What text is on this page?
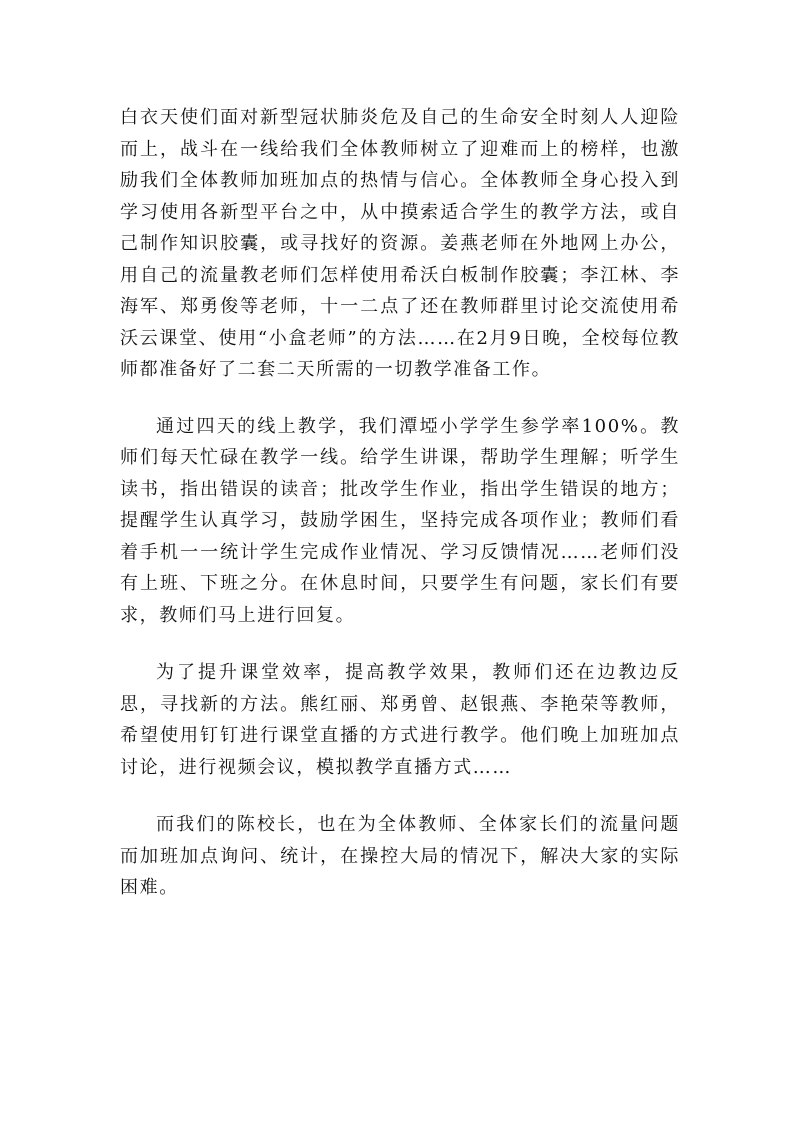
白衣天使们面对新型冠状肺炎危及自己的生命安全时刻人人迎险而上，战斗在一线给我们全体教师树立了迎难而上的榜样，也激励我们全体教师加班加点的热情与信心。全体教师全身心投入到学习使用各新型平台之中，从中摸索适合学生的教学方法，或自己制作知识胶囊，或寻找好的资源。姜燕老师在外地网上办公，用自己的流量教老师们怎样使用希沃白板制作胶囊；李江林、李海军、郑勇俊等老师，十一二点了还在教师群里讨论交流使用希沃云课堂、使用“小盒老师”的方法……在2月9日晚，全校每位教师都准备好了二套二天所需的一切教学准备工作。

通过四天的线上教学，我们潭埡小学学生参学率100%。教师们每天忙碌在教学一线。给学生讲课，帮助学生理解；听学生读书，指出错误的读音；批改学生作业，指出学生错误的地方；提醒学生认真学习，鼓励学困生，坚持完成各项作业；教师们看着手机一一统计学生完成作业情况、学习反馈情况……老师们没有上班、下班之分。在休息时间，只要学生有问题，家长们有要求，教师们马上进行回复。

为了提升课堂效率，提高教学效果，教师们还在边教边反思，寻找新的方法。熊红丽、郑勇曾、赵银燕、李艳荣等教师，希望使用钉钉进行课堂直播的方式进行教学。他们晚上加班加点讨论，进行视频会议，模拟教学直播方式……

而我们的陈校长，也在为全体教师、全体家长们的流量问题而加班加点询问、统计，在操控大局的情况下，解决大家的实际困难。
